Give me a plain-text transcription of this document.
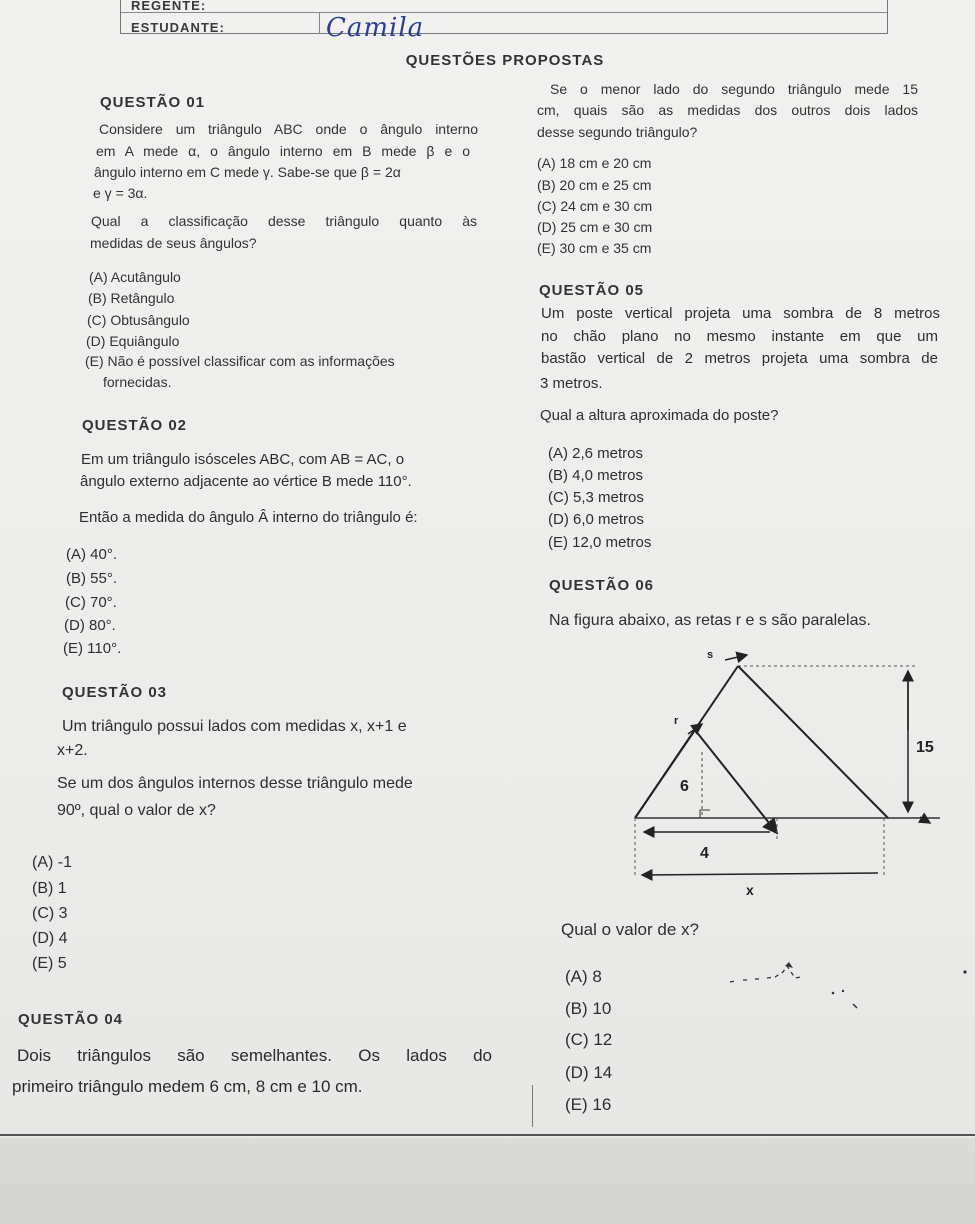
REGENTE:
ESTUDANTE:	Camila
QUESTÕES PROPOSTAS
QUESTÃO 01
Considere um triângulo ABC onde o ângulo interno
em A mede α, o ângulo interno em B mede β e o
ângulo interno em C mede γ. Sabe-se que β = 2α
e γ = 3α.
Qual a classificação desse triângulo quanto às
medidas de seus ângulos?
(A) Acutângulo
(B) Retângulo
(C) Obtusângulo
(D) Equiângulo
(E) Não é possível classificar com as informações
fornecidas.
QUESTÃO 02
Em um triângulo isósceles ABC, com AB = AC, o
ângulo externo adjacente ao vértice B mede 110°.
Então a medida do ângulo Â interno do triângulo é:
(A) 40°.
(B) 55°.
(C) 70°.
(D) 80°.
(E) 110°.
QUESTÃO 03
Um triângulo possui lados com medidas x, x+1 e
x+2.
Se um dos ângulos internos desse triângulo mede
90º, qual o valor de x?
(A) -1
(B) 1
(C) 3
(D) 4
(E) 5
QUESTÃO 04
Dois triângulos são semelhantes. Os lados do
primeiro triângulo medem 6 cm, 8 cm e 10 cm.
Se o menor lado do segundo triângulo mede 15
cm, quais são as medidas dos outros dois lados
desse segundo triângulo?
(A) 18 cm e 20 cm
(B) 20 cm e 25 cm
(C) 24 cm e 30 cm
(D) 25 cm e 30 cm
(E) 30 cm e 35 cm
QUESTÃO 05
Um poste vertical projeta uma sombra de 8 metros
no chão plano no mesmo instante em que um
bastão vertical de 2 metros projeta uma sombra de
3 metros.
Qual a altura aproximada do poste?
(A) 2,6 metros
(B) 4,0 metros
(C) 5,3 metros
(D) 6,0 metros
(E) 12,0 metros
QUESTÃO 06
Na figura abaixo, as retas r e s são paralelas.
s
r
15
6
4
x
Qual o valor de x?
(A) 8
(B) 10
(C) 12
(D) 14
(E) 16
